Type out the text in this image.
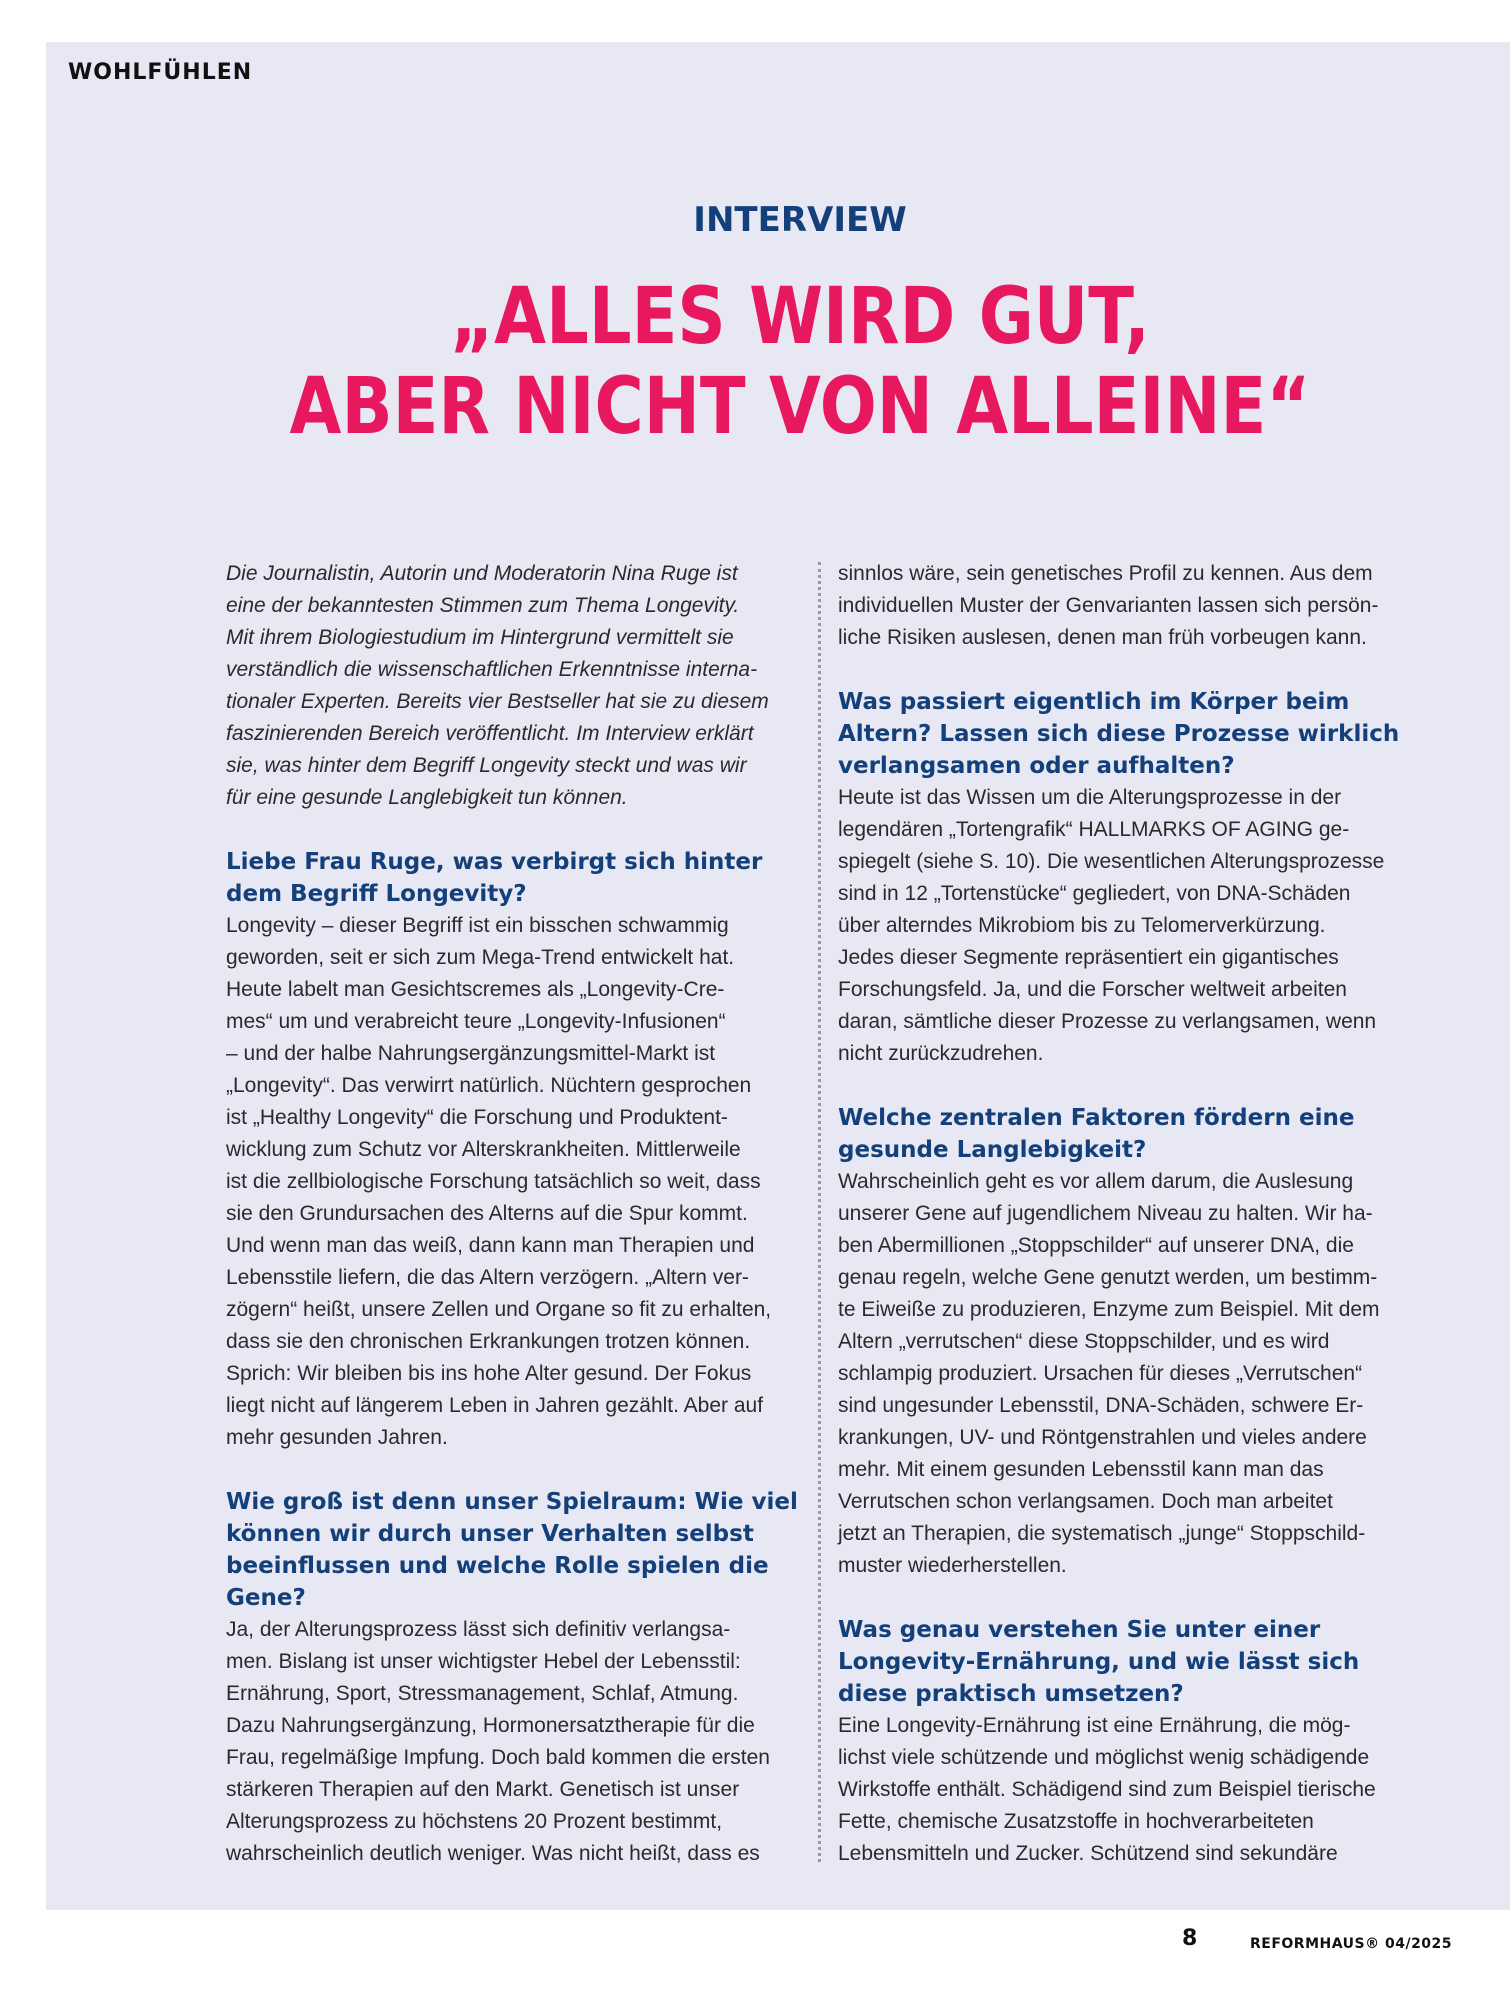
WOHLFÜHLEN
INTERVIEW
„ALLES WIRD GUT,
ABER NICHT VON ALLEINE“

Die Journalistin, Autorin und Moderatorin Nina Ruge ist

eine der bekanntesten Stimmen zum Thema Longevity.

Mit ihrem Biologiestudium im Hintergrund vermittelt sie

verständlich die wissenschaftlichen Erkenntnisse interna-

tionaler Experten. Bereits vier Bestseller hat sie zu diesem

faszinierenden Bereich veröffentlicht. Im Interview erklärt

sie, was hinter dem Begriff Longevity steckt und was wir

für eine gesunde Langlebigkeit tun können.

Liebe Frau Ruge, was verbirgt sich hinter

dem Begriff Longevity?

Longevity – dieser Begriff ist ein bisschen schwammig

geworden, seit er sich zum Mega-Trend entwickelt hat.

Heute labelt man Gesichtscremes als „Longevity-Cre-

mes“ um und verabreicht teure „Longevity-Infusionen“

– und der halbe Nahrungsergänzungsmittel-Markt ist

„Longevity“. Das verwirrt natürlich. Nüchtern gesprochen

ist „Healthy Longevity“ die Forschung und Produktent-

wicklung zum Schutz vor Alterskrankheiten. Mittlerweile

ist die zellbiologische Forschung tatsächlich so weit, dass

sie den Grundursachen des Alterns auf die Spur kommt.

Und wenn man das weiß, dann kann man Therapien und

Lebensstile liefern, die das Altern verzögern. „Altern ver-

zögern“ heißt, unsere Zellen und Organe so fit zu erhalten,

dass sie den chronischen Erkrankungen trotzen können.

Sprich: Wir bleiben bis ins hohe Alter gesund. Der Fokus

liegt nicht auf längerem Leben in Jahren gezählt. Aber auf

mehr gesunden Jahren.

Wie groß ist denn unser Spielraum: Wie viel

können wir durch unser Verhalten selbst

beeinflussen und welche Rolle spielen die

Gene?

Ja, der Alterungsprozess lässt sich definitiv verlangsa-

men. Bislang ist unser wichtigster Hebel der Lebensstil:

Ernährung, Sport, Stressmanagement, Schlaf, Atmung.

Dazu Nahrungsergänzung, Hormonersatztherapie für die

Frau, regelmäßige Impfung. Doch bald kommen die ersten

stärkeren Therapien auf den Markt. Genetisch ist unser

Alterungsprozess zu höchstens 20 Prozent bestimmt,

wahrscheinlich deutlich weniger. Was nicht heißt, dass es

sinnlos wäre, sein genetisches Profil zu kennen. Aus dem

individuellen Muster der Genvarianten lassen sich persön-

liche Risiken auslesen, denen man früh vorbeugen kann.

Was passiert eigentlich im Körper beim

Altern? Lassen sich diese Prozesse wirklich

verlangsamen oder aufhalten?

Heute ist das Wissen um die Alterungsprozesse in der

legendären „Tortengrafik“ HALLMARKS OF AGING ge-

spiegelt (siehe S. 10). Die wesentlichen Alterungsprozesse

sind in 12 „Tortenstücke“ gegliedert, von DNA-Schäden

über alterndes Mikrobiom bis zu Telomerverkürzung.

Jedes dieser Segmente repräsentiert ein gigantisches

Forschungsfeld. Ja, und die Forscher weltweit arbeiten

daran, sämtliche dieser Prozesse zu verlangsamen, wenn

nicht zurückzudrehen.

Welche zentralen Faktoren fördern eine

gesunde Langlebigkeit?

Wahrscheinlich geht es vor allem darum, die Auslesung

unserer Gene auf jugendlichem Niveau zu halten. Wir ha-

ben Abermillionen „Stoppschilder“ auf unserer DNA, die

genau regeln, welche Gene genutzt werden, um bestimm-

te Eiweiße zu produzieren, Enzyme zum Beispiel. Mit dem

Altern „verrutschen“ diese Stoppschilder, und es wird

schlampig produziert. Ursachen für dieses „Verrutschen“

sind ungesunder Lebensstil, DNA-Schäden, schwere Er-

krankungen, UV- und Röntgenstrahlen und vieles andere

mehr. Mit einem gesunden Lebensstil kann man das

Verrutschen schon verlangsamen. Doch man arbeitet

jetzt an Therapien, die systematisch „junge“ Stoppschild-

muster wiederherstellen.

Was genau verstehen Sie unter einer

Longevity-Ernährung, und wie lässt sich

diese praktisch umsetzen?

Eine Longevity-Ernährung ist eine Ernährung, die mög-

lichst viele schützende und möglichst wenig schädigende

Wirkstoffe enthält. Schädigend sind zum Beispiel tierische

Fette, chemische Zusatzstoffe in hochverarbeiteten

Lebensmitteln und Zucker. Schützend sind sekundäre

8	REFORMHAUS® 04/2025
